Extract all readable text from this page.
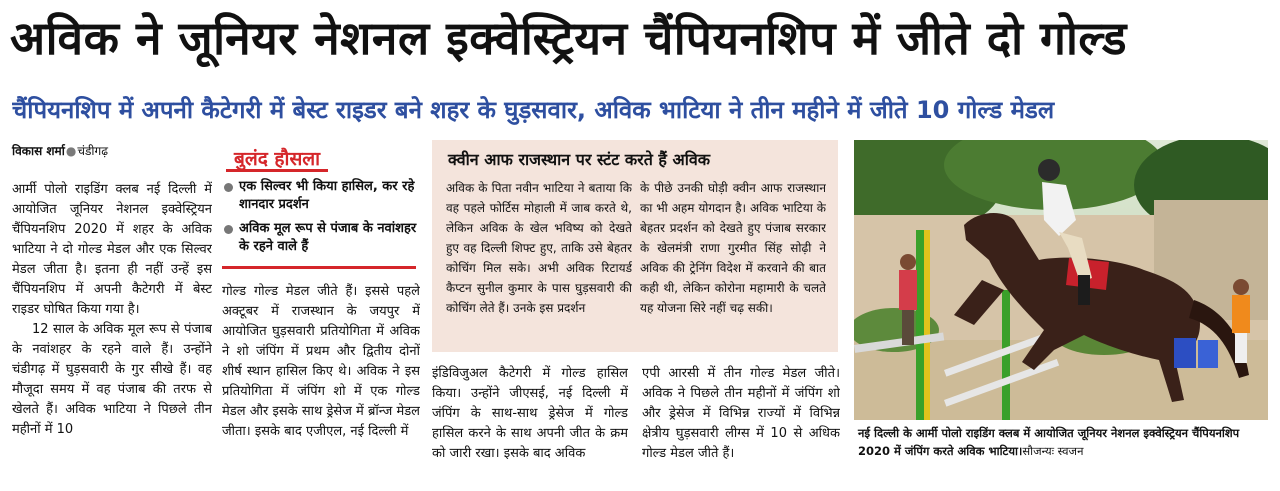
अविक ने जूनियर नेशनल इक्वेस्ट्रियन चैंपियनशिप में जीते दो गोल्ड
चैंपियनशिप में अपनी कैटेगरी में बेस्ट राइडर बने शहर के घुड़सवार, अविक भाटिया ने तीन महीने में जीते 10 गोल्ड मेडल
विकास शर्मा●चंडीगढ़

आर्मी पोलो राइडिंग क्लब नई दिल्ली में आयोजित जूनियर नेशनल इक्वेस्ट्रियन चैंपियनशिप 2020 में शहर के अविक भाटिया ने दो गोल्ड मेडल और एक सिल्वर मेडल जीता है। इतना ही नहीं उन्हें इस चैंपियनशिप में अपनी कैटेगरी में बेस्ट राइडर घोषित किया गया है।

12 साल के अविक मूल रूप से पंजाब के नवांशहर के रहने वाले हैं। उन्होंने चंडीगढ़ में घुड़सवारी के गुर सीखे हैं। वह मौजूदा समय में वह पंजाब की तरफ से खेलते हैं। अविक भाटिया ने पिछले तीन महीनों में 10

बुलंद हौसला
एक सिल्वर भी किया हासिल, कर रहे शानदार प्रदर्शन
अविक मूल रूप से पंजाब के नवांशहर के रहने वाले हैं

गोल्ड गोल्ड मेडल जीते हैं। इससे पहले अक्टूबर में राजस्थान के जयपुर में आयोजित घुड़सवारी प्रतियोगिता में अविक ने शो जंपिंग में प्रथम और द्वितीय दोनों शीर्ष स्थान हासिल किए थे। अविक ने इस प्रतियोगिता में जंपिंग शो में एक गोल्ड मेडल और इसके साथ ड्रेसेज में ब्रॉन्ज मेडल जीता। इसके बाद एजीएल, नई दिल्ली में

क्वीन आफ राजस्थान पर स्टंट करते हैं अविक
अविक के पिता नवीन भाटिया ने बताया कि वह पहले फोर्टिस मोहाली में जाब करते थे, लेकिन अविक के खेल भविष्य को देखते हुए वह दिल्ली शिफ्ट हुए, ताकि उसे बेहतर कोचिंग मिल सके। अभी अविक रिटायर्ड कैप्टन सुनील कुमार के पास घुड़सवारी की कोचिंग लेते हैं। उनके इस प्रदर्शन
के पीछे उनकी घोड़ी क्वीन आफ राजस्थान का भी अहम योगदान है। अविक भाटिया के बेहतर प्रदर्शन को देखते हुए पंजाब सरकार के खेलमंत्री राणा गुरमीत सिंह सोढ़ी ने अविक की ट्रेनिंग विदेश में करवाने की बात कही थी, लेकिन कोरोना महामारी के चलते यह योजना सिरे नहीं चढ़ सकी।

इंडिविजुअल कैटेगरी में गोल्ड हासिल किया। उन्होंने जीएसई, नई दिल्ली में जंपिंग के साथ-साथ ड्रेसेज में गोल्ड हासिल करने के साथ अपनी जीत के क्रम को जारी रखा। इसके बाद अविक

एपी आरसी में तीन गोल्ड मेडल जीते। अविक ने पिछले तीन महीनों में जंपिंग शो और ड्रेसेज में विभिन्न राज्यों में विभिन्न क्षेत्रीय घुड़सवारी लीग्स में 10 से अधिक गोल्ड मेडल जीते हैं।

नई दिल्ली के आर्मी पोलो राइडिंग क्लब में आयोजित जूनियर नेशनल इक्वेस्ट्रियन चैंपियनशिप 2020 में जंपिंग करते अविक भाटिया।सौजन्यः स्वजन
